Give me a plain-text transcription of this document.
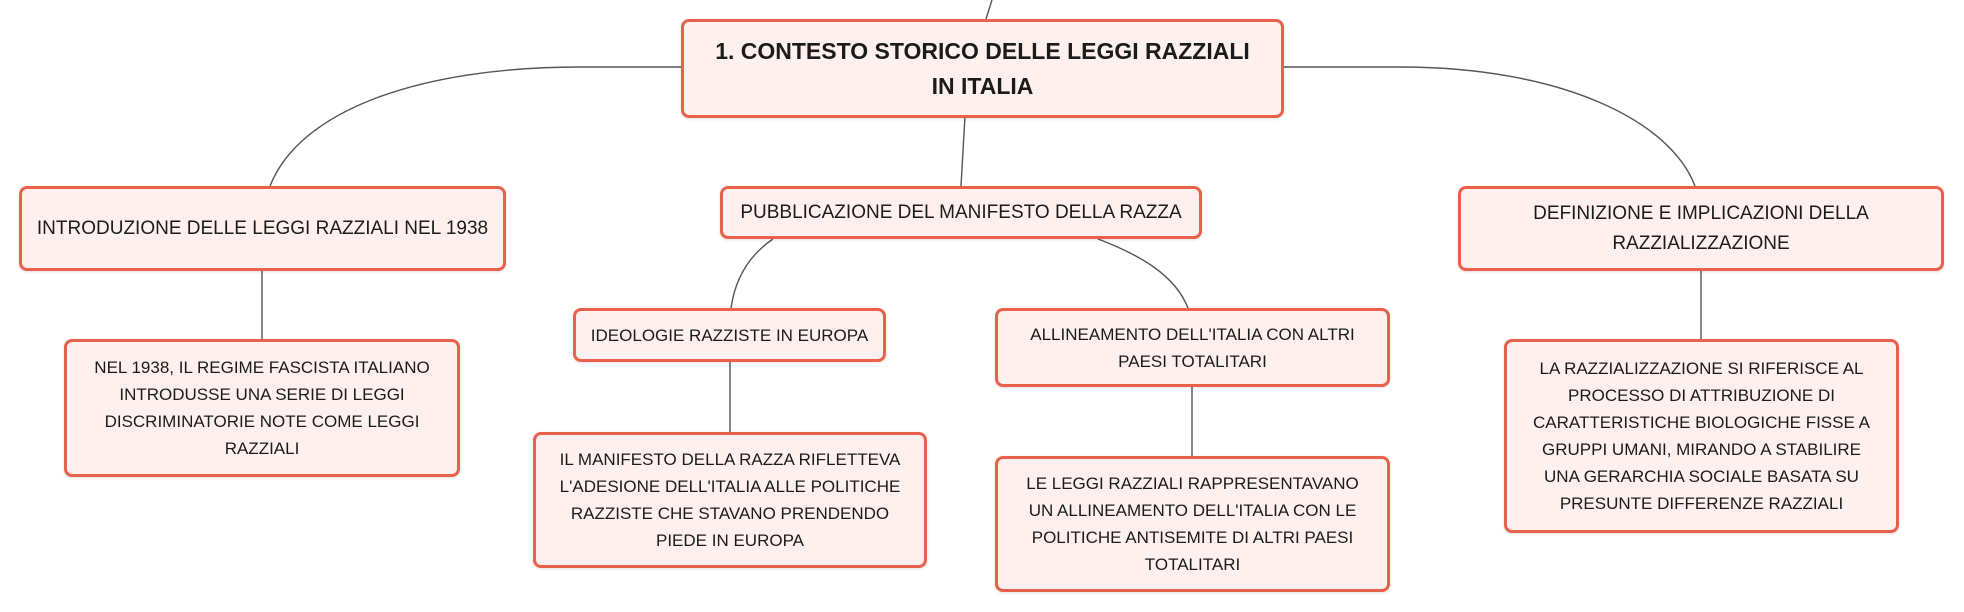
1. CONTESTO STORICO DELLE LEGGI RAZZIALI IN ITALIA
INTRODUZIONE DELLE LEGGI RAZZIALI NEL 1938
PUBBLICAZIONE DEL MANIFESTO DELLA RAZZA	DEFINIZIONE E IMPLICAZIONI DELLA RAZZIALIZZAZIONE
NEL 1938, IL REGIME FASCISTA ITALIANO INTRODUSSE UNA SERIE DI LEGGI DISCRIMINATORIE NOTE COME LEGGI RAZZIALI
IDEOLOGIE RAZZISTE IN EUROPA	ALLINEAMENTO DELL'ITALIA CON ALTRI PAESI TOTALITARI
IL MANIFESTO DELLA RAZZA RIFLETTEVA L'ADESIONE DELL'ITALIA ALLE POLITICHE RAZZISTE CHE STAVANO PRENDENDO PIEDE IN EUROPA
LE LEGGI RAZZIALI RAPPRESENTAVANO UN ALLINEAMENTO DELL'ITALIA CON LE POLITICHE ANTISEMITE DI ALTRI PAESI TOTALITARI
LA RAZZIALIZZAZIONE SI RIFERISCE AL PROCESSO DI ATTRIBUZIONE DI CARATTERISTICHE BIOLOGICHE FISSE A GRUPPI UMANI, MIRANDO A STABILIRE UNA GERARCHIA SOCIALE BASATA SU PRESUNTE DIFFERENZE RAZZIALI
